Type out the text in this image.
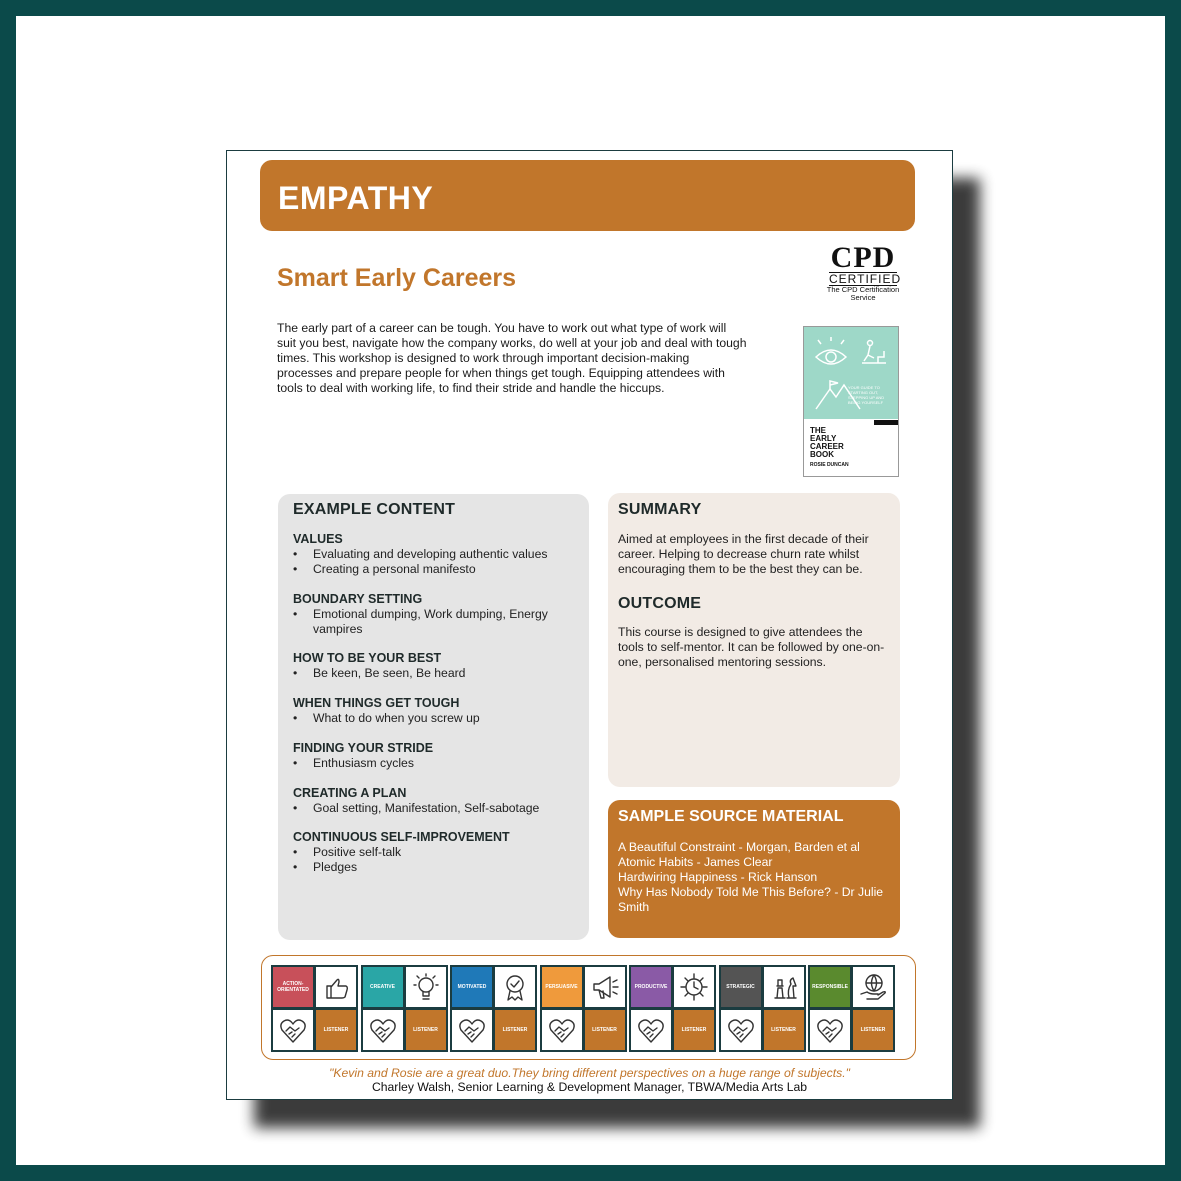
EMPATHY
Smart Early Careers
CPD
CERTIFIED
The CPD Certification Service
The early part of a career can be tough. You have to work out what type of work will suit you best, navigate how the company works, do well at your job and deal with tough times. This workshop is designed to work through important decision-making processes and prepare people for when things get tough. Equipping attendees with tools to deal with working life, to find their stride and handle the hiccups.	YOUR GUIDE TO STARTING OUT, STEPPING UP AND BEING YOURSELF
THE
EARLY
CAREER
BOOK
ROSIE DUNCAN
EXAMPLE CONTENT
VALUES
• Evaluating and developing authentic values
• Creating a personal manifesto
BOUNDARY SETTING
• Emotional dumping, Work dumping, Energy vampires
HOW TO BE YOUR BEST
• Be keen, Be seen, Be heard
WHEN THINGS GET TOUGH
• What to do when you screw up
FINDING YOUR STRIDE
• Enthusiasm cycles
CREATING A PLAN
• Goal setting, Manifestation, Self-sabotage
CONTINUOUS SELF-IMPROVEMENT
• Positive self-talk
• Pledges
SUMMARY
Aimed at employees in the first decade of their career. Helping to decrease churn rate whilst encouraging them to be the best they can be.
OUTCOME
This course is designed to give attendees the tools to self-mentor. It can be followed by one-on-one, personalised mentoring sessions.
SAMPLE SOURCE MATERIAL
A Beautiful Constraint - Morgan, Barden et al
Atomic Habits - James Clear
Hardwiring Happiness - Rick Hanson
Why Has Nobody Told Me This Before? - Dr Julie Smith
ACTION-ORIENTATED
LISTENER
CREATIVE
LISTENER
MOTIVATED
LISTENER
PERSUASIVE
LISTENER
PRODUCTIVE
LISTENER
STRATEGIC
LISTENER
RESPONSIBLE
LISTENER
"Kevin and Rosie are a great duo.They bring different perspectives on a huge range of subjects."
Charley Walsh, Senior Learning & Development Manager, TBWA/Media Arts Lab
